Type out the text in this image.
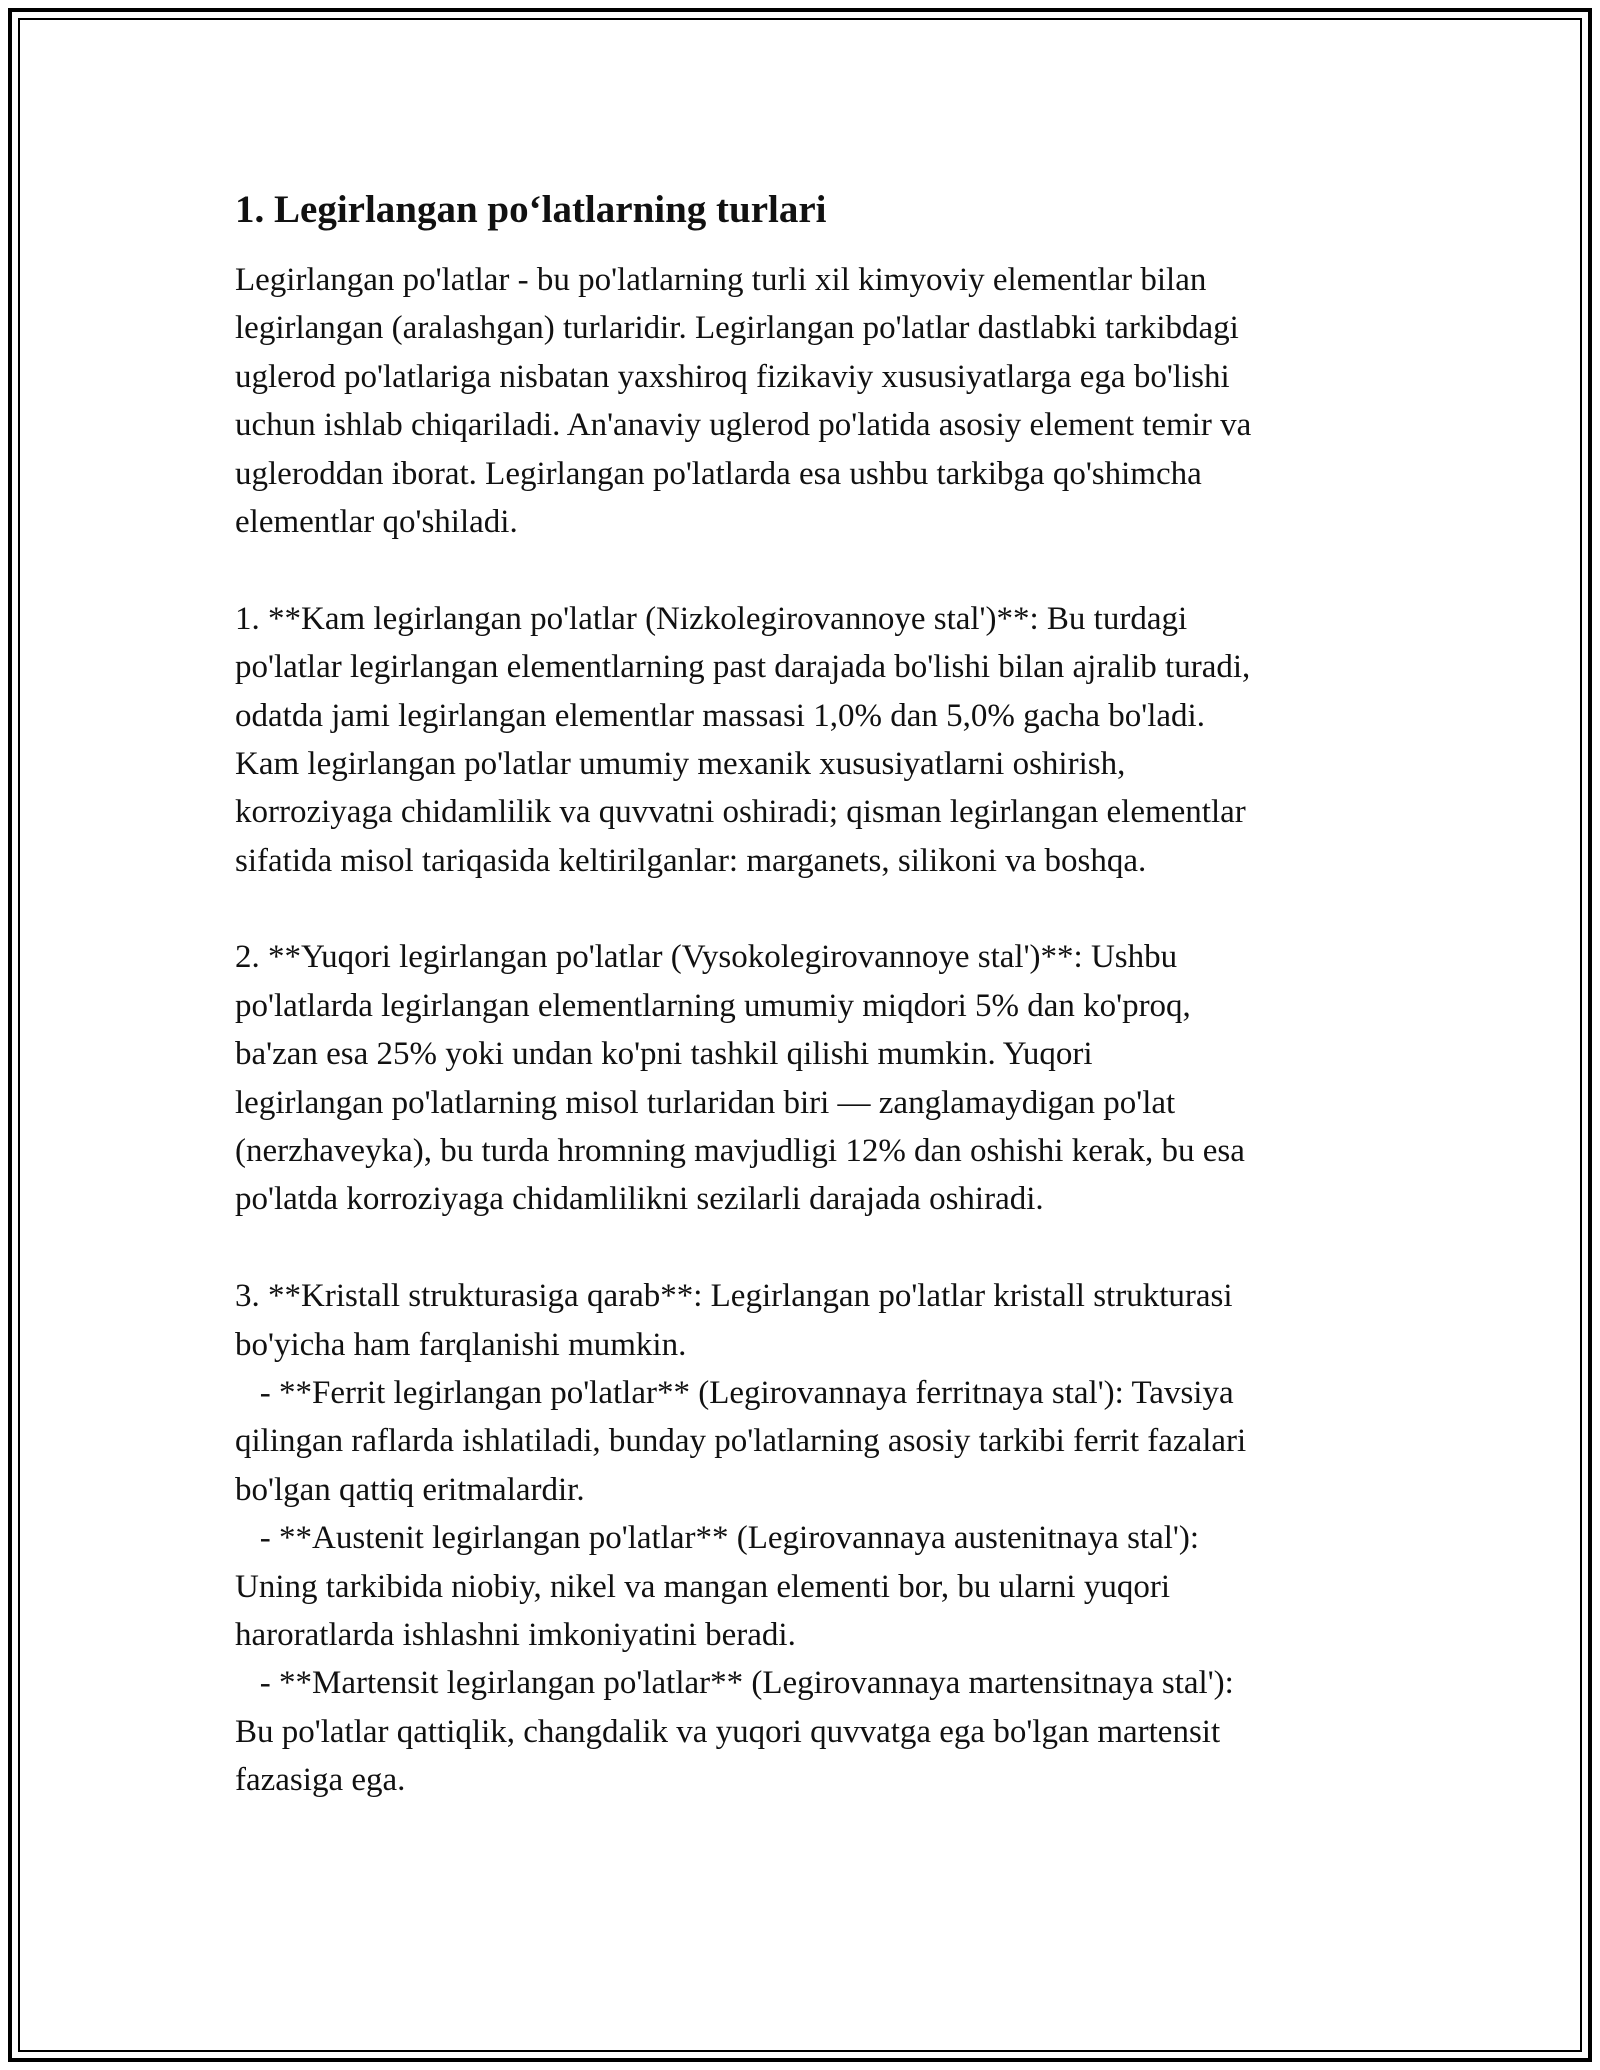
1. Legirlangan po‘latlarning turlari
Legirlangan po'latlar - bu po'latlarning turli xil kimyoviy elementlar bilan
legirlangan (aralashgan) turlaridir. Legirlangan po'latlar dastlabki tarkibdagi
uglerod po'latlariga nisbatan yaxshiroq fizikaviy xususiyatlarga ega bo'lishi
uchun ishlab chiqariladi. An'anaviy uglerod po'latida asosiy element temir va
ugleroddan iborat. Legirlangan po'latlarda esa ushbu tarkibga qo'shimcha
elementlar qo'shiladi.
1. **Kam legirlangan po'latlar (Nizkolegirovannoye stal')**: Bu turdagi
po'latlar legirlangan elementlarning past darajada bo'lishi bilan ajralib turadi,
odatda jami legirlangan elementlar massasi 1,0% dan 5,0% gacha bo'ladi.
Kam legirlangan po'latlar umumiy mexanik xususiyatlarni oshirish,
korroziyaga chidamlilik va quvvatni oshiradi; qisman legirlangan elementlar
sifatida misol tariqasida keltirilganlar: marganets, silikoni va boshqa.
2. **Yuqori legirlangan po'latlar (Vysokolegirovannoye stal')**: Ushbu
po'latlarda legirlangan elementlarning umumiy miqdori 5% dan ko'proq,
ba'zan esa 25% yoki undan ko'pni tashkil qilishi mumkin. Yuqori
legirlangan po'latlarning misol turlaridan biri — zanglamaydigan po'lat
(nerzhaveyka), bu turda hromning mavjudligi 12% dan oshishi kerak, bu esa
po'latda korroziyaga chidamlilikni sezilarli darajada oshiradi.
3. **Kristall strukturasiga qarab**: Legirlangan po'latlar kristall strukturasi
bo'yicha ham farqlanishi mumkin.
- **Ferrit legirlangan po'latlar** (Legirovannaya ferritnaya stal'): Tavsiya
qilingan raflarda ishlatiladi, bunday po'latlarning asosiy tarkibi ferrit fazalari
bo'lgan qattiq eritmalardir.
- **Austenit legirlangan po'latlar** (Legirovannaya austenitnaya stal'):
Uning tarkibida niobiy, nikel va mangan elementi bor, bu ularni yuqori
haroratlarda ishlashni imkoniyatini beradi.
- **Martensit legirlangan po'latlar** (Legirovannaya martensitnaya stal'):
Bu po'latlar qattiqlik, changdalik va yuqori quvvatga ega bo'lgan martensit
fazasiga ega.
